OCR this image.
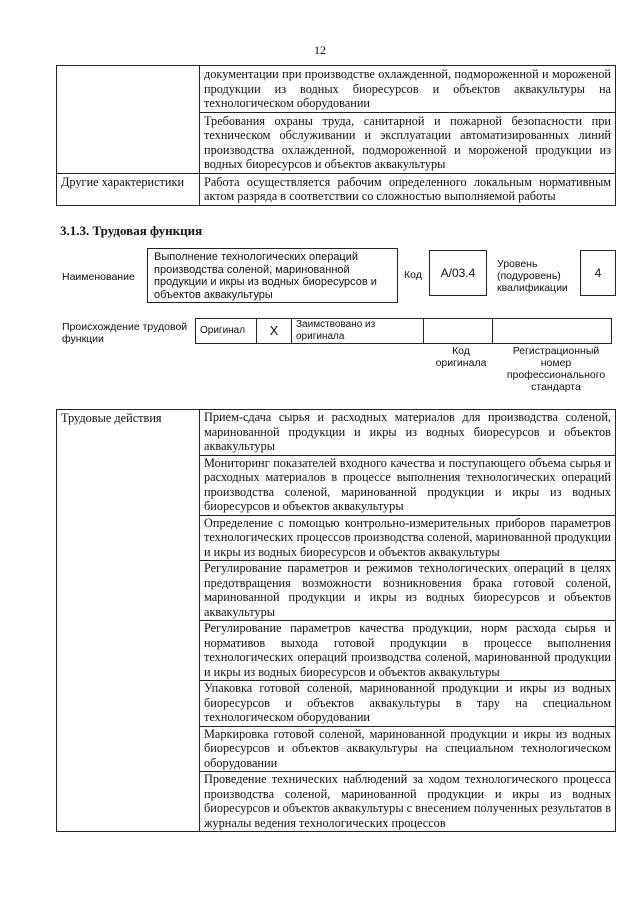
12
	документации при производстве охлажденной, подмороженной и мороженой продукции из водных биоресурсов и объектов аквакультуры на технологическом оборудовании
	Требования охраны труда, санитарной и пожарной безопасности при техническом обслуживании и эксплуатации автоматизированных линий производства охлажденной, подмороженной и мороженой продукции из водных биоресурсов и объектов аквакультуры
Другие характеристики	Работа осуществляется рабочим определенного локальным нормативным актом разряда в соответствии со сложностью выполняемой работы
3.1.3. Трудовая функция
Наименование
Выполнение технологических операций производства соленой, маринованной продукции и икры из водных биоресурсов и объектов аквакультуры
Код	A/03.4
Уровень (подуровень) квалификации
4
Происхождение трудовой функции
Оригинал	X	Заимствовано из оригинала		
Код оригинала
Регистрационный номер профессионального стандарта
Трудовые действия	Прием-сдача сырья и расходных материалов для производства соленой, маринованной продукции и икры из водных биоресурсов и объектов аквакультуры
Мониторинг показателей входного качества и поступающего объема сырья и расходных материалов в процессе выполнения технологических операций производства соленой, маринованной продукции и икры из водных биоресурсов и объектов аквакультуры
Определение с помощью контрольно-измерительных приборов параметров технологических процессов производства соленой, маринованной продукции и икры из водных биоресурсов и объектов аквакультуры
Регулирование параметров и режимов технологических операций в целях предотвращения возможности возникновения брака готовой соленой, маринованной продукции и икры из водных биоресурсов и объектов аквакультуры
Регулирование параметров качества продукции, норм расхода сырья и нормативов выхода готовой продукции в процессе выполнения технологических операций производства соленой, маринованной продукции и икры из водных биоресурсов и объектов аквакультуры
Упаковка готовой соленой, маринованной продукции и икры из водных биоресурсов и объектов аквакультуры в тару на специальном технологическом оборудовании
Маркировка готовой соленой, маринованной продукции и икры из водных биоресурсов и объектов аквакультуры на специальном технологическом оборудовании
Проведение технических наблюдений за ходом технологического процесса производства соленой, маринованной продукции и икры из водных биоресурсов и объектов аквакультуры с внесением полученных результатов в журналы ведения технологических процессов
